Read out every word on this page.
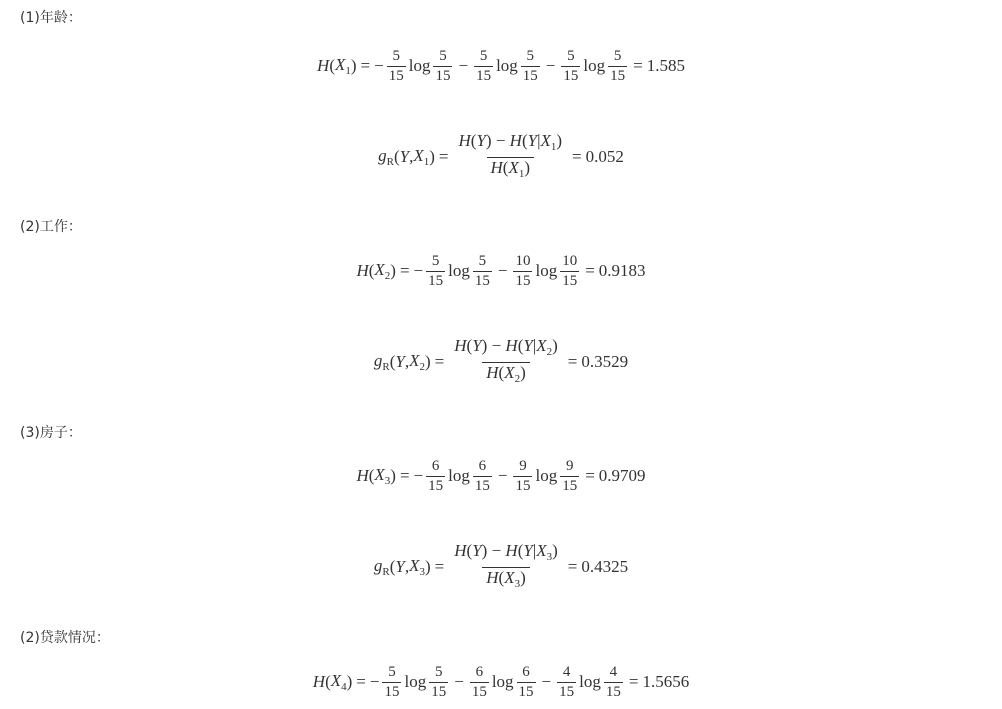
(1)年龄：
H ( $X_1$ ) = − $\frac{5}{15}$ $\log \frac{5}{15} - \frac{5}{15}$ $\log \frac{5}{15} - \frac{5}{15}$ $\log \frac{5}{15} = 1.585$
$g_R$ ( Y , $X_1$ ) = $\frac{H(Y) - H(Y|X_1)}{H(X_1)} = 0.052$
(2)工作：
H ( $X_2$ ) = − $\frac{5}{15}$ $\log \frac{5}{15} - \frac{10}{15}$ $\log \frac{10}{15} = 0.9183$
$g_R$ ( Y , $X_2$ ) = $\frac{H(Y) - H(Y|X_2)}{H(X_2)} = 0.3529$
(3)房子：
H ( $X_3$ ) = − $\frac{6}{15}$ $\log \frac{6}{15} - \frac{9}{15}$ $\log \frac{9}{15} = 0.9709$
$g_R$ ( Y , $X_3$ ) = $\frac{H(Y) - H(Y|X_3)}{H(X_3)} = 0.4325$
(2)贷款情况：
H ( $X_4$ ) = − $\frac{5}{15}$ $\log \frac{5}{15} - \frac{6}{15}$ $\log \frac{6}{15} - \frac{4}{15}$ $\log \frac{4}{15} = 1.5656$
